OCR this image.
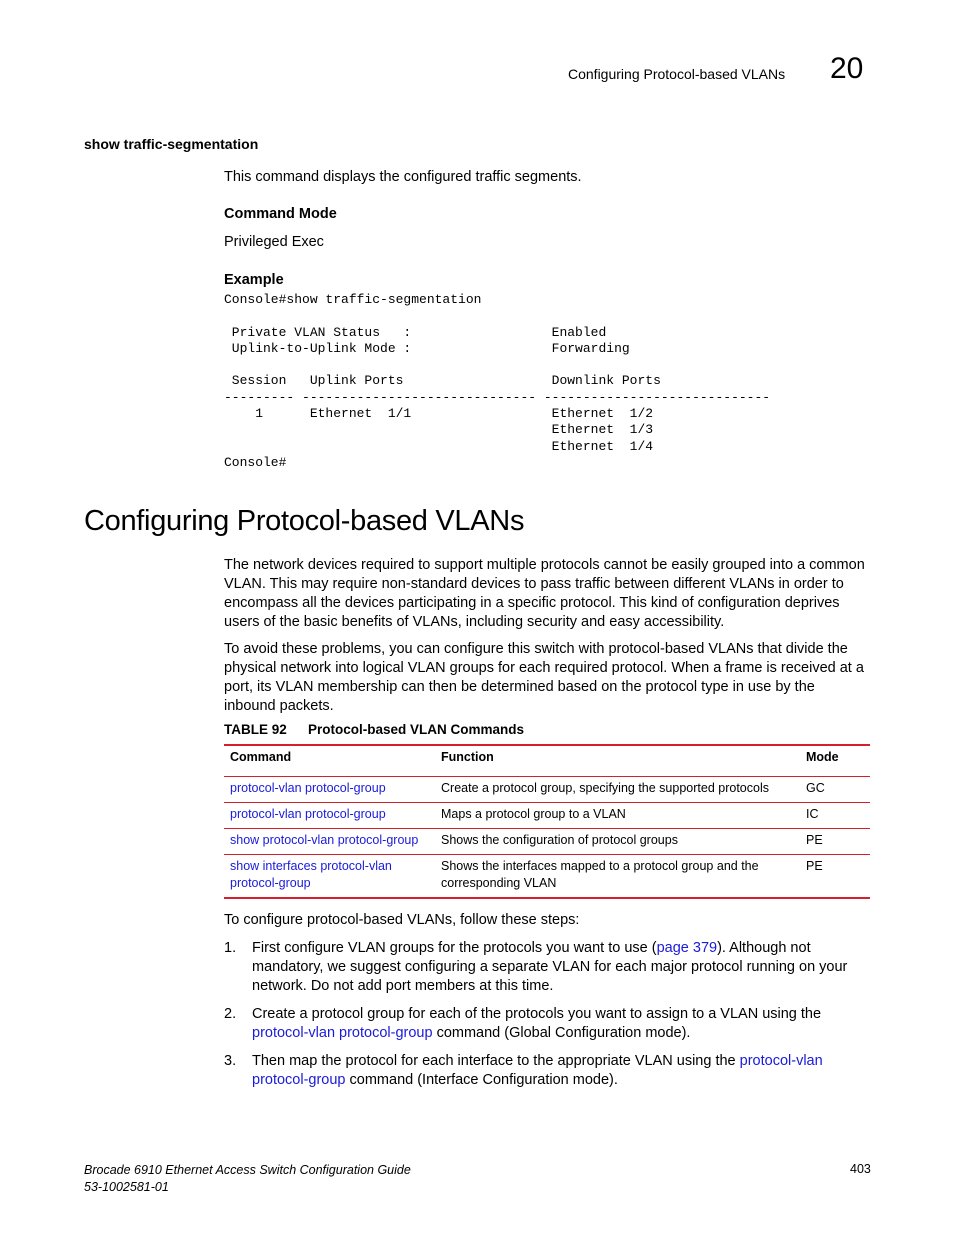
Configuring Protocol-based VLANs 20
show traffic-segmentation
This command displays the configured traffic segments.
Command Mode
Privileged Exec
Example
Console#show traffic-segmentation

Private VLAN Status   :                  Enabled
Uplink-to-Uplink Mode :                  Forwarding

Session   Uplink Ports                   Downlink Ports
--------- ------------------------------ -----------------------------
1      Ethernet  1/1                  Ethernet  1/2
Ethernet  1/3
Ethernet  1/4
Console#
Configuring Protocol-based VLANs
The network devices required to support multiple protocols cannot be easily grouped into a common VLAN. This may require non-standard devices to pass traffic between different VLANs in order to encompass all the devices participating in a specific protocol. This kind of configuration deprives users of the basic benefits of VLANs, including security and easy accessibility.
To avoid these problems, you can configure this switch with protocol-based VLANs that divide the physical network into logical VLAN groups for each required protocol. When a frame is received at a port, its VLAN membership can then be determined based on the protocol type in use by the inbound packets.
TABLE 92 Protocol-based VLAN Commands
Command	Function	Mode
protocol-vlan protocol-group	Create a protocol group, specifying the supported protocols	GC
protocol-vlan protocol-group	Maps a protocol group to a VLAN	IC
show protocol-vlan protocol-group	Shows the configuration of protocol groups	PE
show interfaces protocol-vlan protocol-group	Shows the interfaces mapped to a protocol group and the corresponding VLAN	PE
To configure protocol-based VLANs, follow these steps:
1. First configure VLAN groups for the protocols you want to use (page 379). Although not mandatory, we suggest configuring a separate VLAN for each major protocol running on your network. Do not add port members at this time.
2. Create a protocol group for each of the protocols you want to assign to a VLAN using the protocol-vlan protocol-group command (Global Configuration mode).
3. Then map the protocol for each interface to the appropriate VLAN using the protocol-vlan protocol-group command (Interface Configuration mode).
Brocade 6910 Ethernet Access Switch Configuration Guide
53-1002581-01
403
